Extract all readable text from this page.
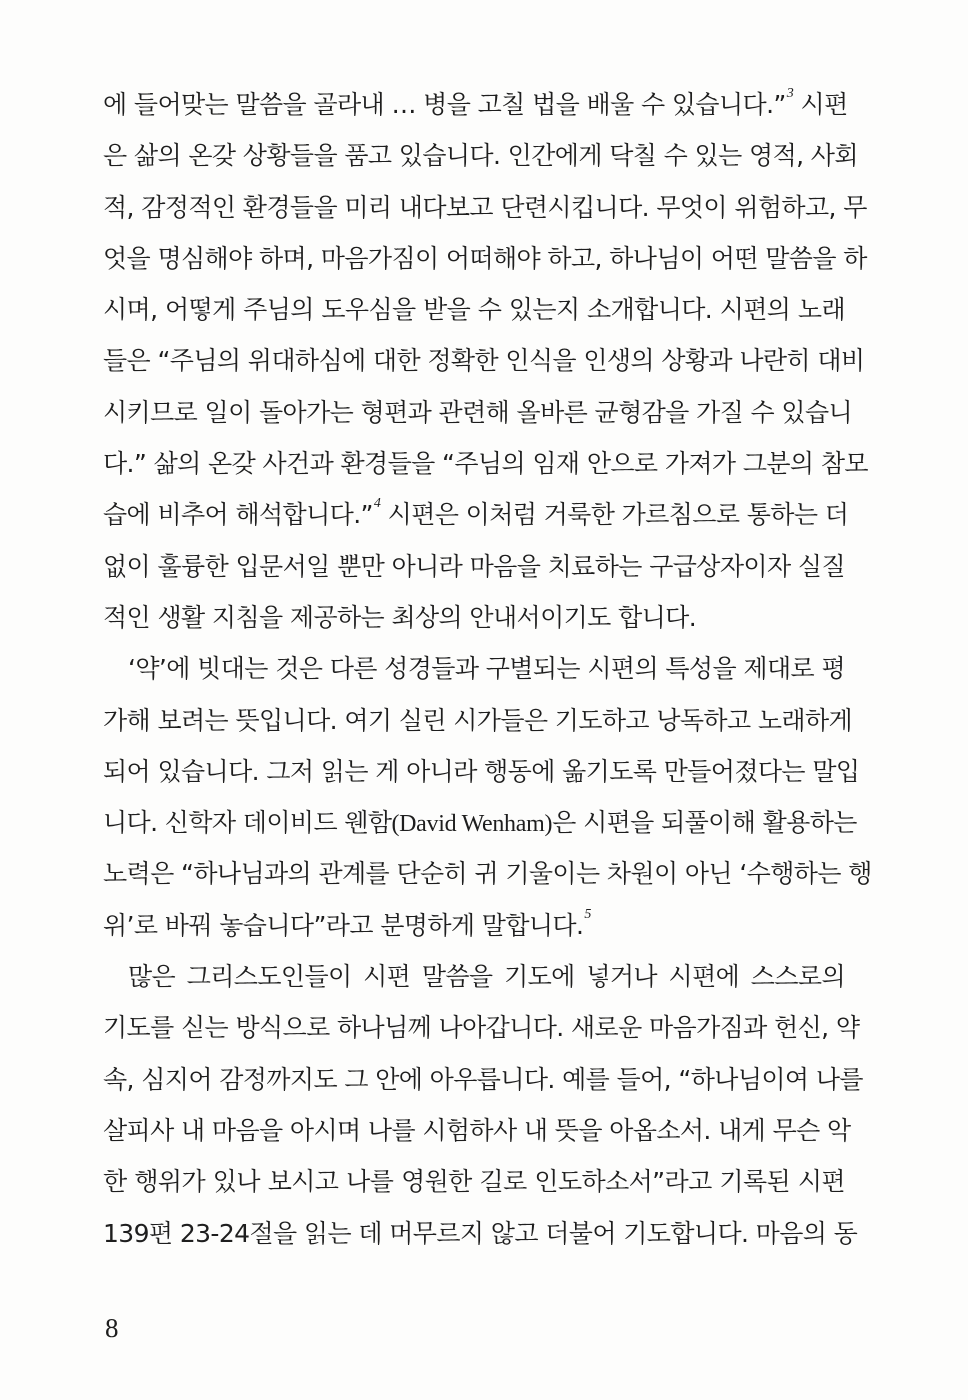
에 들어맞는 말씀을 골라내 … 병을 고칠 법을 배울 수 있습니다.”$^3$ 시편
은 삶의 온갖 상황들을 품고 있습니다. 인간에게 닥칠 수 있는 영적, 사회
적, 감정적인 환경들을 미리 내다보고 단련시킵니다. 무엇이 위험하고, 무
엇을 명심해야 하며, 마음가짐이 어떠해야 하고, 하나님이 어떤 말씀을 하
시며, 어떻게 주님의 도우심을 받을 수 있는지 소개합니다. 시편의 노래
들은 “주님의 위대하심에 대한 정확한 인식을 인생의 상황과 나란히 대비
시키므로 일이 돌아가는 형편과 관련해 올바른 균형감을 가질 수 있습니
다.” 삶의 온갖 사건과 환경들을 “주님의 임재 안으로 가져가 그분의 참모
습에 비추어 해석합니다.”$^4$ 시편은 이처럼 거룩한 가르침으로 통하는 더
없이 훌륭한 입문서일 뿐만 아니라 마음을 치료하는 구급상자이자 실질
적인 생활 지침을 제공하는 최상의 안내서이기도 합니다.
‘약’에 빗대는 것은 다른 성경들과 구별되는 시편의 특성을 제대로 평
가해 보려는 뜻입니다. 여기 실린 시가들은 기도하고 낭독하고 노래하게
되어 있습니다. 그저 읽는 게 아니라 행동에 옮기도록 만들어졌다는 말입
니다. 신학자 데이비드 웬함(David Wenham)은 시편을 되풀이해 활용하는
노력은 “하나님과의 관계를 단순히 귀 기울이는 차원이 아닌 ‘수행하는 행
위’로 바꿔 놓습니다”라고 분명하게 말합니다.$^5$
많은 그리스도인들이 시편 말씀을 기도에 넣거나 시편에 스스로의
기도를 싣는 방식으로 하나님께 나아갑니다. 새로운 마음가짐과 헌신, 약
속, 심지어 감정까지도 그 안에 아우릅니다. 예를 들어, “하나님이여 나를
살피사 내 마음을 아시며 나를 시험하사 내 뜻을 아옵소서. 내게 무슨 악
한 행위가 있나 보시고 나를 영원한 길로 인도하소서”라고 기록된 시편
139편 23-24절을 읽는 데 머무르지 않고 더불어 기도합니다. 마음의 동
8
